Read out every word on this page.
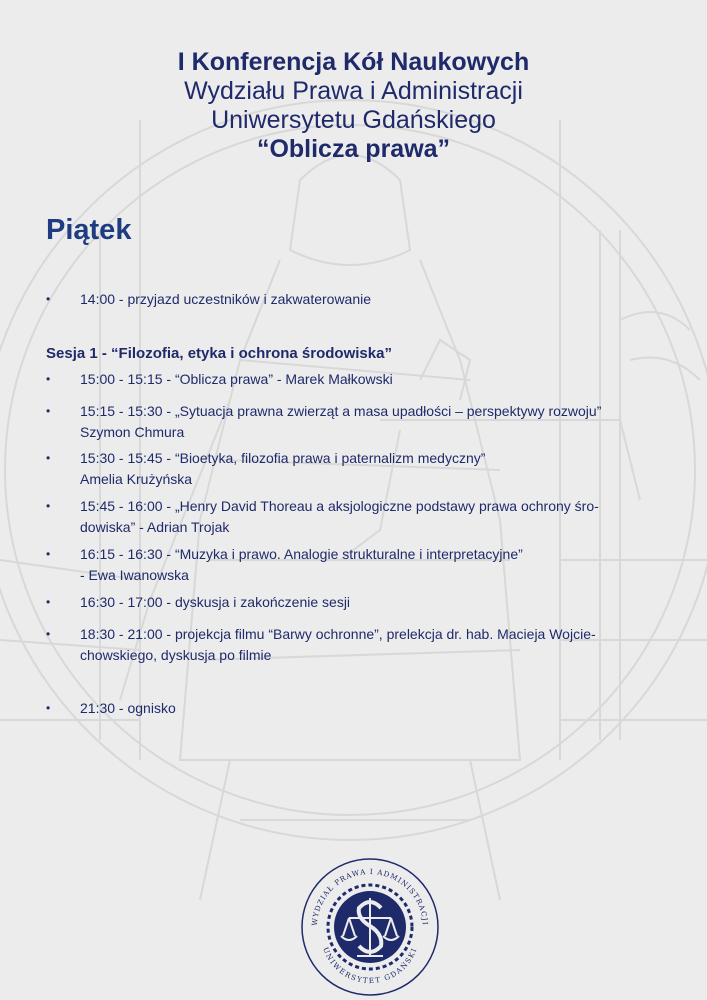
I Konferencja Kół Naukowych
Wydziału Prawa i Administracji
Uniwersytetu Gdańskiego
“Oblicza prawa”
Piątek
•	14:00 - przyjazd uczestników i zakwaterowanie
Sesja 1 - “Filozofia, etyka i ochrona środowiska”
•	15:00 - 15:15 - “Oblicza prawa” - Marek Małkowski
•	15:15 - 15:30 - „Sytuacja prawna zwierząt a masa upadłości – perspektywy rozwoju”
Szymon Chmura
•	15:30 - 15:45 - “Bioetyka, filozofia prawa i paternalizm medyczny”
Amelia Krużyńska
•	15:45 - 16:00 - „Henry David Thoreau a aksjologiczne podstawy prawa ochrony śro-
dowiska” - Adrian Trojak
•	16:15 - 16:30 - “Muzyka i prawo. Analogie strukturalne i interpretacyjne”
- Ewa Iwanowska
•	16:30 - 17:00 - dyskusja i zakończenie sesji
•	18:30 - 21:00 - projekcja filmu “Barwy ochronne”, prelekcja dr. hab. Macieja Wojcie-
chowskiego, dyskusja po filmie
•	21:30 - ognisko
WYDZIAŁ PRAWA I ADMINISTRACJI
UNIWERSYTET GDAŃSKI
